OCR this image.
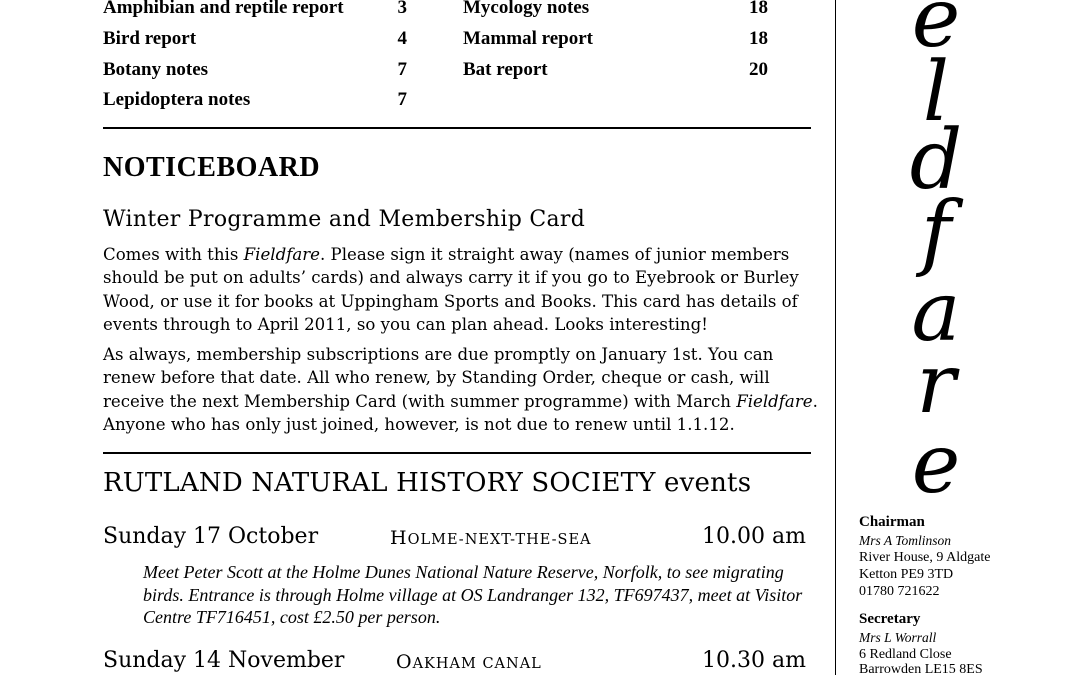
Amphibian and reptile report	3
Bird report	4
Botany notes	7
Lepidoptera notes	7
Mycology notes	18
Mammal report	18
Bat report	20
NOTICEBOARD
Winter Programme and Membership Card
Comes with this Fieldfare. Please sign it straight away (names of junior members should be put on adults’ cards) and always carry it if you go to Eyebrook or Burley Wood, or use it for books at Uppingham Sports and Books. This card has details of events through to April 2011, so you can plan ahead. Looks interesting!
As always, membership subscriptions are due promptly on January 1st. You can renew before that date. All who renew, by Standing Order, cheque or cash, will receive the next Membership Card (with summer programme) with March Fieldfare. Anyone who has only just joined, however, is not due to renew until 1.1.12.
RUTLAND NATURAL HISTORY SOCIETY events
Sunday 17 October	HOLME-NEXT-THE-SEA	10.00 am
Meet Peter Scott at the Holme Dunes National Nature Reserve, Norfolk, to see migrating birds. Entrance is through Holme village at OS Landranger 132, TF697437, meet at Visitor Centre TF716451, cost £2.50 per person.
Sunday 14 November	OAKHAM CANAL	10.30 am
e
l
d
f
a
r
e
Chairman
Mrs A Tomlinson
River House, 9 Aldgate
Ketton PE9 3TD
01780 721622
Secretary
Mrs L Worrall
6 Redland Close
Barrowden LE15 8ES
